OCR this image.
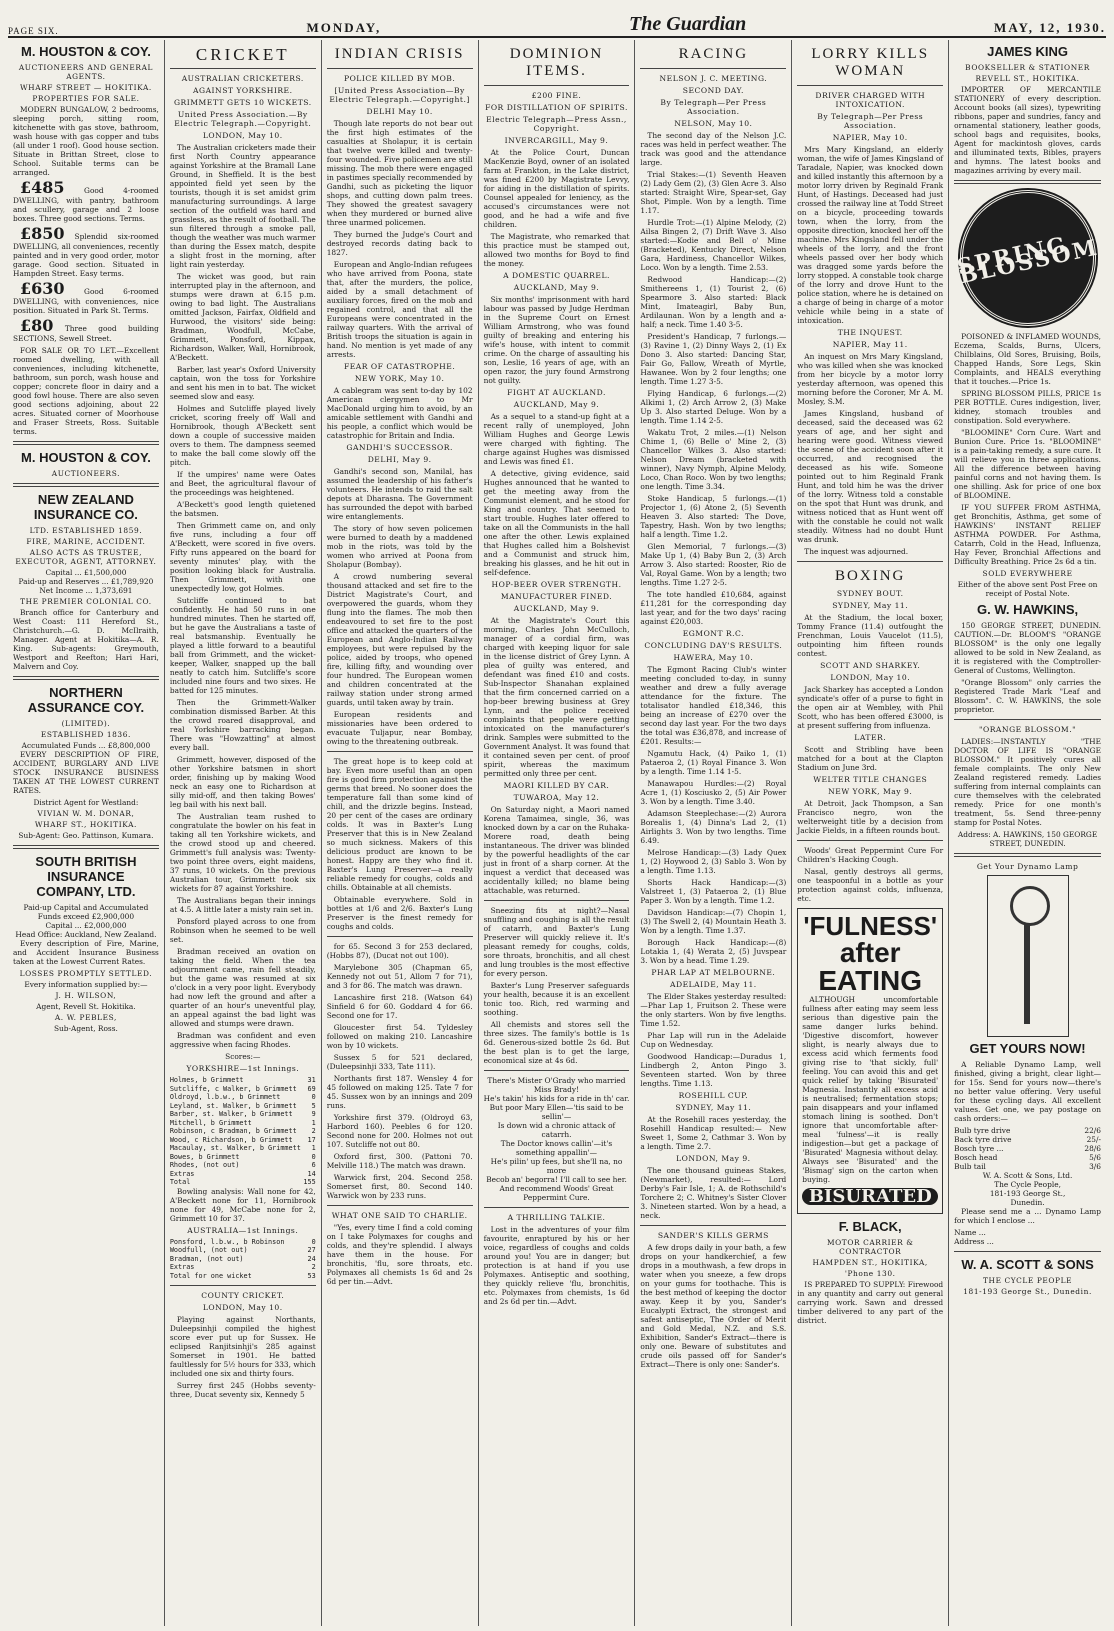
PAGE SIX.	MONDAY,	The Guardian	MAY, 12, 1930.
M. HOUSTON & COY.
AUCTIONEERS AND GENERAL AGENTS.
WHARF STREET — HOKITIKA.
PROPERTIES FOR SALE.

MODERN BUNGALOW, 2 bedrooms, sleeping porch, sitting room, kitchenette with gas stove, bathroom, wash house with gas copper and tubs (all under 1 roof). Good house section. Situate in Brittan Street, close to School. Suitable terms can be arranged.

£485	Good 4-roomed DWELLING, with pantry, bathroom and scullery, garage and 2 loose boxes. Three good sections. Terms.

£850 Splendid six-roomed DWELLING, all conveniences, recently painted and in very good order, motor garage. Good section. Situated in Hampden Street. Easy terms.

£630	Good 6-roomed DWELLING, with conveniences, nice position. Situated in Park St. Terms.

£80 Three good building SECTIONS, Sewell Street.

FOR SALE OR TO LET.—Excellent roomed dwelling, with all conveniences, including kitchenette, bathroom, sun porch, wash house and copper; concrete floor in dairy and a good fowl house. There are also seven good sections adjoining, about 22 acres. Situated corner of Moorhouse and Fraser Streets, Ross. Suitable terms.

M. HOUSTON & COY.
AUCTIONEERS.
NEW ZEALAND INSURANCE CO.
LTD. ESTABLISHED 1859.
FIRE, MARINE, ACCIDENT.
ALSO ACTS AS TRUSTEE, EXECUTOR, AGENT, ATTORNEY.
Capital ... £1,500,000
Paid-up and Reserves ... £1,789,920
Net Income ... 1,373,691
THE PREMIER COLONIAL CO.

Branch office for Canterbury and West Coast: 111 Hereford St., Christchurch.—G. D. McIlraith, Manager. Agent at Hokitika—A. R. King. Sub-agents: Greymouth, Westport and Reefton; Hari Hari, Malvern and Coy.

NORTHERN ASSURANCE COY.
(LIMITED).
ESTABLISHED 1836.
Accumulated Funds ... £8,800,000

EVERY DESCRIPTION OF FIRE, ACCIDENT, BURGLARY AND LIVE STOCK INSURANCE BUSINESS TAKEN AT THE LOWEST CURRENT RATES.

District Agent for Westland:
VIVIAN W. M. DONAR,
WHARF ST., HOKITIKA.
Sub-Agent: Geo. Pattinson, Kumara.
SOUTH BRITISH INSURANCE COMPANY, LTD.
Paid-up Capital and Accumulated Funds exceed £2,900,000
Capital ... £2,000,000
Head Office: Auckland, New Zealand.

Every description of Fire, Marine, and Accident Insurance Business taken at the Lowest Current Rates.

LOSSES PROMPTLY SETTLED.
Every information supplied by:—
J. H. WILSON,
Agent, Revell St. Hokitika.
A. W. PEBLES,
Sub-Agent, Ross.
CRICKET
AUSTRALIAN CRICKETERS.
AGAINST YORKSHIRE.
GRIMMETT GETS 10 WICKETS.
United Press Association.—By Electric Telegraph.—Copyright.
LONDON, May 10.

The Australian cricketers made their first North Country appearance against Yorkshire at the Bramall Lane Ground, in Sheffield. It is the best appointed field yet seen by the tourists, though it is set amidst grim manufacturing surroundings. A large section of the outfield was hard and grassless, as the result of football. The sun filtered through a smoke pall, though the weather was much warmer than during the Essex match, despite a slight frost in the morning, after light rain yesterday.

The wicket was good, but rain interrupted play in the afternoon, and stumps were drawn at 6.15 p.m. owing to bad light. The Australians omitted Jackson, Fairfax, Oldfield and Hurwood, the visitors' side being: Bradman, Woodfull, McCabe, Grimmett, Ponsford, Kippax, Richardson, Walker, Wall, Hornibrook, A'Beckett.

Barber, last year's Oxford University captain, won the toss for Yorkshire and sent his men in to bat. The wicket seemed slow and easy.

Holmes and Sutcliffe played lively cricket, scoring freely off Wall and Hornibrook, though A'Beckett sent down a couple of successive maiden overs to them. The dampness seemed to make the ball come slowly off the pitch.

If the umpires' name were Oates and Beet, the agricultural flavour of the proceedings was heightened.

A'Beckett's good length quietened the batsmen.

Then Grimmett came on, and only five runs, including a four off A'Beckett, were scored in five overs. Fifty runs appeared on the board for seventy minutes' play, with the position looking black for Australia. Then Grimmett, with one unexpectedly low, got Holmes.

Sutcliffe continued to bat confidently. He had 50 runs in one hundred minutes. Then he started off, but he gave the Australians a taste of real batsmanship. Eventually he played a little forward to a beautiful ball from Grimmett, and the wicket-keeper, Walker, snapped up the ball neatly to catch him. Sutcliffe's score included nine fours and two sixes. He batted for 125 minutes.

Then the Grimmett-Walker combination dismissed Barber. At this the crowd roared disapproval, and real Yorkshire barracking began. There was "Howzatting" at almost every ball.

Grimmett, however, disposed of the other Yorkshire batsmen in short order, finishing up by making Wood neck an easy one to Richardson at silly mid-off, and then taking Bowes' leg bail with his next ball.

The Australian team rushed to congratulate the bowler on his feat in taking all ten Yorkshire wickets, and the crowd stood up and cheered. Grimmett's full analysis was: Twenty-two point three overs, eight maidens, 37 runs, 10 wickets. On the previous Australian tour, Grimmett took six wickets for 87 against Yorkshire.

The Australians began their innings at 4.5. A little later a misty rain set in.

Ponsford played across to one from Robinson when he seemed to be well set.

Bradman received an ovation on taking the field. When the tea adjournment came, rain fell steadily, but the game was resumed at six o'clock in a very poor light. Everybody had now left the ground and after a quarter of an hour's uneventful play, an appeal against the bad light was allowed and stumps were drawn.

Bradman was confident and even aggressive when facing Rhodes.

Scores:—
YORKSHIRE—1st Innings.
Holmes, b Grimmett	31
Sutcliffe, c Walker, b Grimmett 69
Oldroyd, l.b.w., b Grimmett	0
Leyland, st. Walker, b Grimmett 5
Barber, st. Walker, b Grimmett	9
Mitchell, b Grimmett	1
Robinson, c Bradman, b Grimmett 2
Wood, c Richardson, b Grimmett 17
Macaulay, st. Walker, b Grimmett 1
Bowes, b Grimmett	0
Rhodes, (not out)	6
Extras	14
Total	155

Bowling analysis: Wall none for 42, A'Beckett none for 11, Hornibrook none for 49, McCabe none for 2, Grimmett 10 for 37.

AUSTRALIA—1st Innings.
Ponsford, l.b.w., b Robinson	0
Woodfull, (not out)	27
Bradman, (not out)	24
Extras	2
Total for one wicket	53
COUNTY CRICKET.
LONDON, May 10.

Playing against Northants, Duleepsinhji compiled the highest score ever put up for Sussex. He eclipsed Ranjitsinhji's 285 against Somerset in 1901. He batted faultlessly for 5½ hours for 333, which included one six and thirty fours.

Surrey first 245 (Hobbs seventy-three, Ducat seventy six, Kennedy 5

INDIAN CRISIS
POLICE KILLED BY MOB.
[United Press Association—By Electric Telegraph.—Copyright.]
DELHI May 10.

Though late reports do not bear out the first high estimates of the casualties at Sholapur, it is certain that twelve were killed and twenty-four wounded. Five policemen are still missing. The mob there were engaged in pastimes specially recommended by Gandhi, such as picketing the liquor shops, and cutting down palm trees. They showed the greatest savagery when they murdered or burned alive three unarmed policemen.

They burned the Judge's Court and destroyed records dating back to 1827.

European and Anglo-Indian refugees who have arrived from Poona, state that, after the murders, the police, aided by a small detachment of auxiliary forces, fired on the mob and regained control, and that all the Europeans were concentrated in the railway quarters. With the arrival of British troops the situation is again in hand. No mention is yet made of any arrests.

FEAR OF CATASTROPHE.
NEW YORK, May 10.

A cablegram was sent to-day by 102 American clergymen to Mr MacDonald urging him to avoid, by an amicable settlement with Gandhi and his people, a conflict which would be catastrophic for Britain and India.

GANDHI'S SUCCESSOR.
DELHI, May 9.

Gandhi's second son, Manilal, has assumed the leadership of his father's volunteers. He intends to raid the salt depots at Dharasna. The Government has surrounded the depot with barbed wire entanglements.

The story of how seven policemen were burned to death by a maddened mob in the riots, was told by the women who arrived at Poona from Sholapur (Bombay).

A crowd numbering several thousand attacked and set fire to the District Magistrate's Court, and overpowered the guards, whom they flung into the flames. The mob then endeavoured to set fire to the post office and attacked the quarters of the European and Anglo-Indian Railway employees, but were repulsed by the police, aided by troops, who opened fire, killing fifty, and wounding over four hundred. The European women and children concentrated at the railway station under strong armed guards, until taken away by train.

European residents and missionaries have been ordered to evacuate Tuljapur, near Bombay, owing to the threatening outbreak.

The great hope is to keep cold at bay. Even more useful than an open fire is good firm protection against the germs that breed. No sooner does the temperature fall than some kind of chill, and the drizzle begins. Instead, 20 per cent of the cases are ordinary colds. It was in Baxter's Lung Preserver that this is in New Zealand so much sickness. Makers of this delicious product are known to be honest. Happy are they who find it. Baxter's Lung Preserver—a really reliable remedy for coughs, colds and chills. Obtainable at all chemists.

Obtainable everywhere. Sold in bottles at 1/6 and 2/6. Baxter's Lung Preserver is the finest remedy for coughs and colds.

for 65. Second 3 for 253 declared, (Hobbs 87), (Ducat not out 100).

Marylebone 305 (Chapman 65, Kennedy not out 51, Allom 7 for 71), and 3 for 86. The match was drawn.

Lancashire first 218. (Watson 64) Sinfield 6 for 60. Goddard 4 for 66. Second one for 17.

Gloucester first 54. Tyldesley followed on making 210. Lancashire won by 10 wickets.

Sussex 5 for 521 declared, (Duleepsinhji 333, Tate 111).

Northants first 187. Wensley 4 for 45 followed on making 125. Tate 7 for 45. Sussex won by an innings and 209 runs.

Yorkshire first 379. (Oldroyd 63, Harbord 160). Peebles 6 for 120. Second none for 200. Holmes not out 107. Sutcliffe not out 80.

Oxford first, 300. (Pattoni 70. Melville 118.) The match was drawn.

Warwick first, 204. Second 258. Somerset first, 80. Second 140. Warwick won by 233 runs.

WHAT ONE SAID TO CHARLIE.

"Yes, every time I find a cold coming on I take Polymaxes for coughs and colds, and they're splendid. I always have them in the house. For bronchitis, 'flu, sore throats, etc. Polymaxes all chemists 1s 6d and 2s 6d per tin.—Advt.

DOMINION ITEMS.
£200 FINE.
FOR DISTILLATION OF SPIRITS.
Electric Telegraph—Press Assn., Copyright.
INVERCARGILL, May 9.

At the Police Court, Duncan MacKenzie Boyd, owner of an isolated farm at Frankton, in the Lake district, was fined £200 by Magistrate Levvy, for aiding in the distillation of spirits. Counsel appealed for leniency, as the accused's circumstances were not good, and he had a wife and five children.

The Magistrate, who remarked that this practice must be stamped out, allowed two months for Boyd to find the money.

A DOMESTIC QUARREL.
AUCKLAND, May 9.

Six months' imprisonment with hard labour was passed by Judge Herdman in the Supreme Court on Ernest William Armstrong, who was found guilty of breaking and entering his wife's house, with intent to commit crime. On the charge of assaulting his son, Leslie, 16 years of age, with an open razor, the jury found Armstrong not guilty.

FIGHT AT AUCKLAND.
AUCKLAND, May 9.

As a sequel to a stand-up fight at a recent rally of unemployed, John William Hughes and George Lewis were charged with fighting. The charge against Hughes was dismissed and Lewis was fined £1.

A detective, giving evidence, said Hughes announced that he wanted to get the meeting away from the Communist element, and he stood for King and country. That seemed to start trouble. Hughes later offered to take on all the Communists in the hall one after the other. Lewis explained that Hughes called him a Bolshevist and a Communist and struck him, breaking his glasses, and he hit out in self-defence.

HOP-BEER OVER STRENGTH.
MANUFACTURER FINED.
AUCKLAND, May 9.

At the Magistrate's Court this morning, Charles John McCulloch, manager of a cordial firm, was charged with keeping liquor for sale in the license district of Grey Lynn. A plea of guilty was entered, and defendant was fined £10 and costs. Sub-Inspector Shanahan explained that the firm concerned carried on a hop-beer brewing business at Grey Lynn, and the police received complaints that people were getting intoxicated on the manufacturer's drink. Samples were submitted to the Government Analyst. It was found that it contained seven per cent. of proof spirit, whereas the maximum permitted only three per cent.

MAORI KILLED BY CAR.
TUWAROA, May 12.

On Saturday night, a Maori named Korena Tamaimea, single, 36, was knocked down by a car on the Ruhaka-Morere road, death being instantaneous. The driver was blinded by the powerful headlights of the car just in front of a sharp corner. At the inquest a verdict that deceased was accidentally killed; no blame being attachable, was returned.

Sneezing fits at night?—Nasal snuffling and coughing is all the result of catarrh, and Baxter's Lung Preserver will quickly relieve it. It's pleasant remedy for coughs, colds, sore throats, bronchitis, and all chest and lung troubles is the most effective for every person.

Baxter's Lung Preserver safeguards your health, because it is an excellent tonic too. Rich, red warming and soothing.

All chemists and stores sell the three sizes. The family's bottle is 1s 6d. Generous-sized bottle 2s 6d. But the best plan is to get the large, economical size at 4s 6d.

There's Mister O'Grady who married Miss Brady!
He's takin' his kids for a ride in th' car.
But poor Mary Ellen—'tis said to be sellin'—
Is down wid a chronic attack of catarrh.
The Doctor knows callin'—it's something appallin'—
He's pilin' up fees, but she'll na, no more
Becob an' begorra! I'll call to see her. And recommend Woods' Great Peppermint Cure.
A THRILLING TALKIE.

Lost in the adventures of your film favourite, enraptured by his or her voice, regardless of coughs and colds around you! You are in danger; but protection is at hand if you use Polymaxes. Antiseptic and soothing, they quickly relieve 'flu, bronchitis, etc. Polymaxes from chemists, 1s 6d and 2s 6d per tin.—Advt.

RACING
NELSON J. C. MEETING.
SECOND DAY.
By Telegraph—Per Press Association.
NELSON, May 10.

The second day of the Nelson J.C. races was held in perfect weather. The track was good and the attendance large.

Trial Stakes:—(1) Seventh Heaven (2) Lady Gem (2), (3) Glen Acre 3. Also started: Straight Wire, Spear-set, Gay Shot, Pimple. Won by a length. Time 1.17.

Hurdle Trot:—(1) Alpine Melody, (2) Ailsa Bingen 2, (7) Drift Wave 3. Also started:—Kodie and Bell o' Mine (Bracketed), Kentucky Direct, Nelson Gara, Hardiness, Chancellor Wilkes, Loco. Won by a length. Time 2.53.

Redwood Handicap:—(2) Smithereens 1, (1) Tourist 2, (6) Spearmore 3. Also started: Black Mint, Imateagirl, Baby Bun, Ardilaunan. Won by a length and a-half; a neck. Time 1.40 3-5.

President's Handicap, 7 furlongs.—(3) Ravine 1, (2) Dinny Ways 2, (1) Ex Dono 3. Also started: Dancing Star, Fair Go, Fallow, Wreath of Myrtle, Hawanee. Won by 2 four lengths; one length. Time 1.27 3-5.

Flying Handicap, 6 furlongs.—(2) Alkimi 1, (2) Arch Arrow 2, (3) Make Up 3. Also started Deluge. Won by a length. Time 1.14 2-5.

Wakatu Trot, 2 miles.—(1) Nelson Chime 1, (6) Belle o' Mine 2, (3) Chancellor Wilkes 3. Also started: Nelson Dream (bracketed with winner), Navy Nymph, Alpine Melody, Loco, Chan Roco. Won by two lengths; one length. Time 3.34.

Stoke Handicap, 5 furlongs.—(1) Projector 1, (6) Atone 2, (5) Seventh Heaven 3. Also started: The Dove, Tapestry, Hash. Won by two lengths; half a length. Time 1.2.

Glen Memorial, 7 furlongs.—(3) Make Up 1, (4) Baby Bun 2, (3) Arch Arrow 3. Also started: Rooster, Rio de Val, Royal Game. Won by a length; two lengths. Time 1.27 2-5.

The tote handled £10,684, against £11,281 for the corresponding day last year, and for the two days' racing against £20,003.

EGMONT R.C.
CONCLUDING DAY'S RESULTS.
HAWERA, May 10.

The Egmont Racing Club's winter meeting concluded to-day, in sunny weather and drew a fully average attendance for the fixture. The totalisator handled £18,346, this being an increase of £270 over the second day last year. For the two days the total was £36,878, and increase of £201. Results:—

Ngamutu Hack, (4) Paiko 1, (1) Pataeroa 2, (1) Royal Finance 3. Won by a length. Time 1.14 1-5.

Manawapou Hurdles:—(2) Royal Acre 1, (1) Kosciusko 2, (5) Air Power 3. Won by a length. Time 3.40.

Adamson Steeplechase:—(2) Aurora Borealis 1, (4) Dinna's Lad 2, (1) Airlights 3. Won by two lengths. Time 6.49.

Melrose Handicap:—(3) Lady Quex 1, (2) Hoywood 2, (3) Sablo 3. Won by a length. Time 1.13.

Shorts Hack Handicap:—(3) Valstreet 1, (3) Pataeroa 2, (1) Blue Paper 3. Won by a length. Time 1.2.

Davidson Handicap:—(7) Chopin 1, (3) The Swell 2, (4) Mountain Heath 3. Won by a length. Time 1.37.

Borough Hack Handicap:—(8) Lotakia 1, (4) Werata 2, (5) Juvspear 3. Won by a head. Time 1.29.

PHAR LAP AT MELBOURNE.
ADELAIDE, May 11.

The Elder Stakes yesterday resulted:—Phar Lap 1, Fruitson 2. These were the only starters. Won by five lengths. Time 1.52.

Phar Lap will run in the Adelaide Cup on Wednesday.

Goodwood Handicap:—Duradus 1, Lindbergh 2, Anton Pingo 3. Seventeen started. Won by three lengths. Time 1.13.

ROSEHILL CUP.
SYDNEY, May 11.

At the Rosehill races yesterday, the Rosehill Handicap resulted:— New Sweet 1, Some 2, Cathmar 3. Won by a length. Time 2.7.

LONDON, May 9.

The one thousand guineas Stakes, (Newmarket), resulted:— Lord Derby's Fair Isle, 1; A. de Rothschild's Torchere 2; C. Whitney's Sister Clover 3. Nineteen started. Won by a head, a neck.

SANDER'S KILLS GERMS

A few drops daily in your bath, a few drops on your handkerchief, a few drops in a mouthwash, a few drops in water when you sneeze, a few drops on your gums for toothache. This is the best method of keeping the doctor away. Keep it by you, Sander's Eucalypti Extract, the strongest and safest antiseptic, The Order of Merit and Gold Medal, N.Z. and S.S. Exhibition, Sander's Extract—there is only one. Beware of substitutes and crude oils passed off for Sander's Extract—There is only one: Sander's.

LORRY KILLS WOMAN
DRIVER CHARGED WITH INTOXICATION.
By Telegraph—Per Press Association.
NAPIER, May 10.

Mrs Mary Kingsland, an elderly woman, the wife of James Kingsland of Taradale, Napier, was knocked down and killed instantly this afternoon by a motor lorry driven by Reginald Frank Hunt, of Hastings. Deceased had just crossed the railway line at Todd Street on a bicycle, proceeding towards town, when the lorry, from the opposite direction, knocked her off the machine. Mrs Kingsland fell under the wheels of the lorry, and the front wheels passed over her body which was dragged some yards before the lorry stopped. A constable took charge of the lorry and drove Hunt to the police station, where he is detained on a charge of being in charge of a motor vehicle while being in a state of intoxication.

THE INQUEST.
NAPIER, May 11.

An inquest on Mrs Mary Kingsland, who was killed when she was knocked from her bicycle by a motor lorry yesterday afternoon, was opened this morning before the Coroner, Mr A. M. Mosley, S.M.

James Kingsland, husband of deceased, said the deceased was 62 years of age, and her sight and hearing were good. Witness viewed the scene of the accident soon after it occurred, and recognised the deceased as his wife. Someone pointed out to him Reginald Frank Hunt, and told him he was the driver of the lorry. Witness told a constable on the spot that Hunt was drunk, and witness noticed that as Hunt went off with the constable he could not walk steadily. Witness had no doubt Hunt was drunk.

The inquest was adjourned.

BOXING
SYDNEY BOUT.
SYDNEY, May 11.

At the Stadium, the local boxer, Tommy France (11.4) outfought the Frenchman, Louis Vaucelot (11.5), outpointing him fifteen rounds contest.

SCOTT AND SHARKEY.
LONDON, May 10.

Jack Sharkey has accepted a London syndicate's offer of a purse to fight in the open air at Wembley, with Phil Scott, who has been offered £3000, is at present suffering from influenza.

LATER.

Scott and Stribling have been matched for a bout at the Clapton Stadium on June 3rd.

WELTER TITLE CHANGES
NEW YORK, May 9.

At Detroit, Jack Thompson, a San Francisco negro, won the welterweight title by a decision from Jackie Fields, in a fifteen rounds bout.

Woods' Great Peppermint Cure For Children's Hacking Cough.

Nasal, gently destroys all germs, one teaspoonful in a bottle as your protection against colds, influenza, etc.

'FULNESS'
after EATING

ALTHOUGH uncomfortable fullness after eating may seem less serious than digestive pain the same danger lurks behind. 'Digestive discomfort, however slight, is nearly always due to excess acid which ferments food giving rise to 'that sickly, full' feeling. You can avoid this and get quick relief by taking 'Bisurated' Magnesia. Instantly all excess acid is neutralised; fermentation stops; pain disappears and your inflamed stomach lining is soothed. Don't ignore that uncomfortable after-meal 'fulness'—it is really indigestion—but get a package of 'Bisurated' Magnesia without delay. Always see 'Bisurated' and the 'Bismag' sign on the carton when buying.

BISURATED
F. BLACK,
MOTOR CARRIER & CONTRACTOR
HAMPDEN ST., HOKITIKA,
'Phone 130.

IS PREPARED TO SUPPLY: Firewood in any quantity and carry out general carrying work. Sawn and dressed timber delivered to any part of the district.

JAMES KING
BOOKSELLER & STATIONER
REVELL ST., HOKITIKA.

IMPORTER OF MERCANTILE STATIONERY of every description. Account books (all sizes), typewriting ribbons, paper and sundries, fancy and ornamental stationery, leather goods, school bags and requisites, books, Agent for mackintosh gloves, cards and illuminated texts, Bibles, prayers and hymns. The latest books and magazines arriving by every mail.

SPRING BLOSSOM

POISONED & INFLAMED WOUNDS, Eczema, Scalds, Burns, Ulcers, Chilblains, Old Sores, Bruising, Boils, Chapped Hands, Sore Legs, Skin Complaints, and HEALS everything that it touches.—Price 1s.

SPRING BLOSSOM PILLS, PRICE 1s PER BOTTLE. Cures indigestion, liver, kidney, stomach troubles and constipation. Sold everywhere.

"BLOOMINE" Corn Cure. Wart and Bunion Cure. Price 1s. "BLOOMINE" is a pain-taking remedy, a sure cure. It will relieve you in three applications. All the difference between having painful corns and not having them. Is one shilling. Ask for price of one box of BLOOMINE.

IF YOU SUFFER FROM ASTHMA, get Bronchitis, Asthma, get some of HAWKINS' INSTANT RELIEF ASTHMA POWDER. For Asthma, Catarrh, Cold in the Head, Influenza, Hay Fever, Bronchial Affections and Difficulty Breathing. Price 2s 6d a tin.

SOLD EVERYWHERE
Either of the above sent Post Free on receipt of Postal Note.
G. W. HAWKINS,

150 GEORGE STREET, DUNEDIN. CAUTION.—Dr. BLOOM'S "ORANGE BLOSSOM" is the only one legally allowed to be sold in New Zealand, as it is registered with the Comptroller-General of Customs, Wellington.

"Orange Blossom" only carries the Registered Trade Mark "Leaf and Blossom". C. W. HAWKINS, the sole proprietor.

"ORANGE BLOSSOM."

LADIES:—INSTANTLY "THE DOCTOR OF LIFE IS "ORANGE BLOSSOM." It positively cures all female complaints. The only New Zealand registered remedy. Ladies suffering from internal complaints can cure themselves with the celebrated remedy. Price for one month's treatment, 5s. Send three-penny stamp for Postal Notes.

Address: A. HAWKINS, 150 GEORGE STREET, DUNEDIN.
Get Your Dynamo Lamp
GET YOURS NOW!

A Reliable Dynamo Lamp, well finished, giving a bright, clear light—for 15s. Send for yours now—there's no better value offering. Very useful for these cycling days. All excellent values. Get one, we pay postage on cash orders:—

Bulb tyre drive	22/6
Back tyre drive	25/-
Bosch tyre ...	28/6
Bosch head	5/6
Bulb tail	3/6
W. A. Scott & Sons, Ltd.
The Cycle People,
181-193 George St.,
Dunedin.

Please send me a ... Dynamo Lamp for which I enclose ...

Name ...
Address ...
W. A. SCOTT & SONS
THE CYCLE PEOPLE
181-193 George St., Dunedin.
